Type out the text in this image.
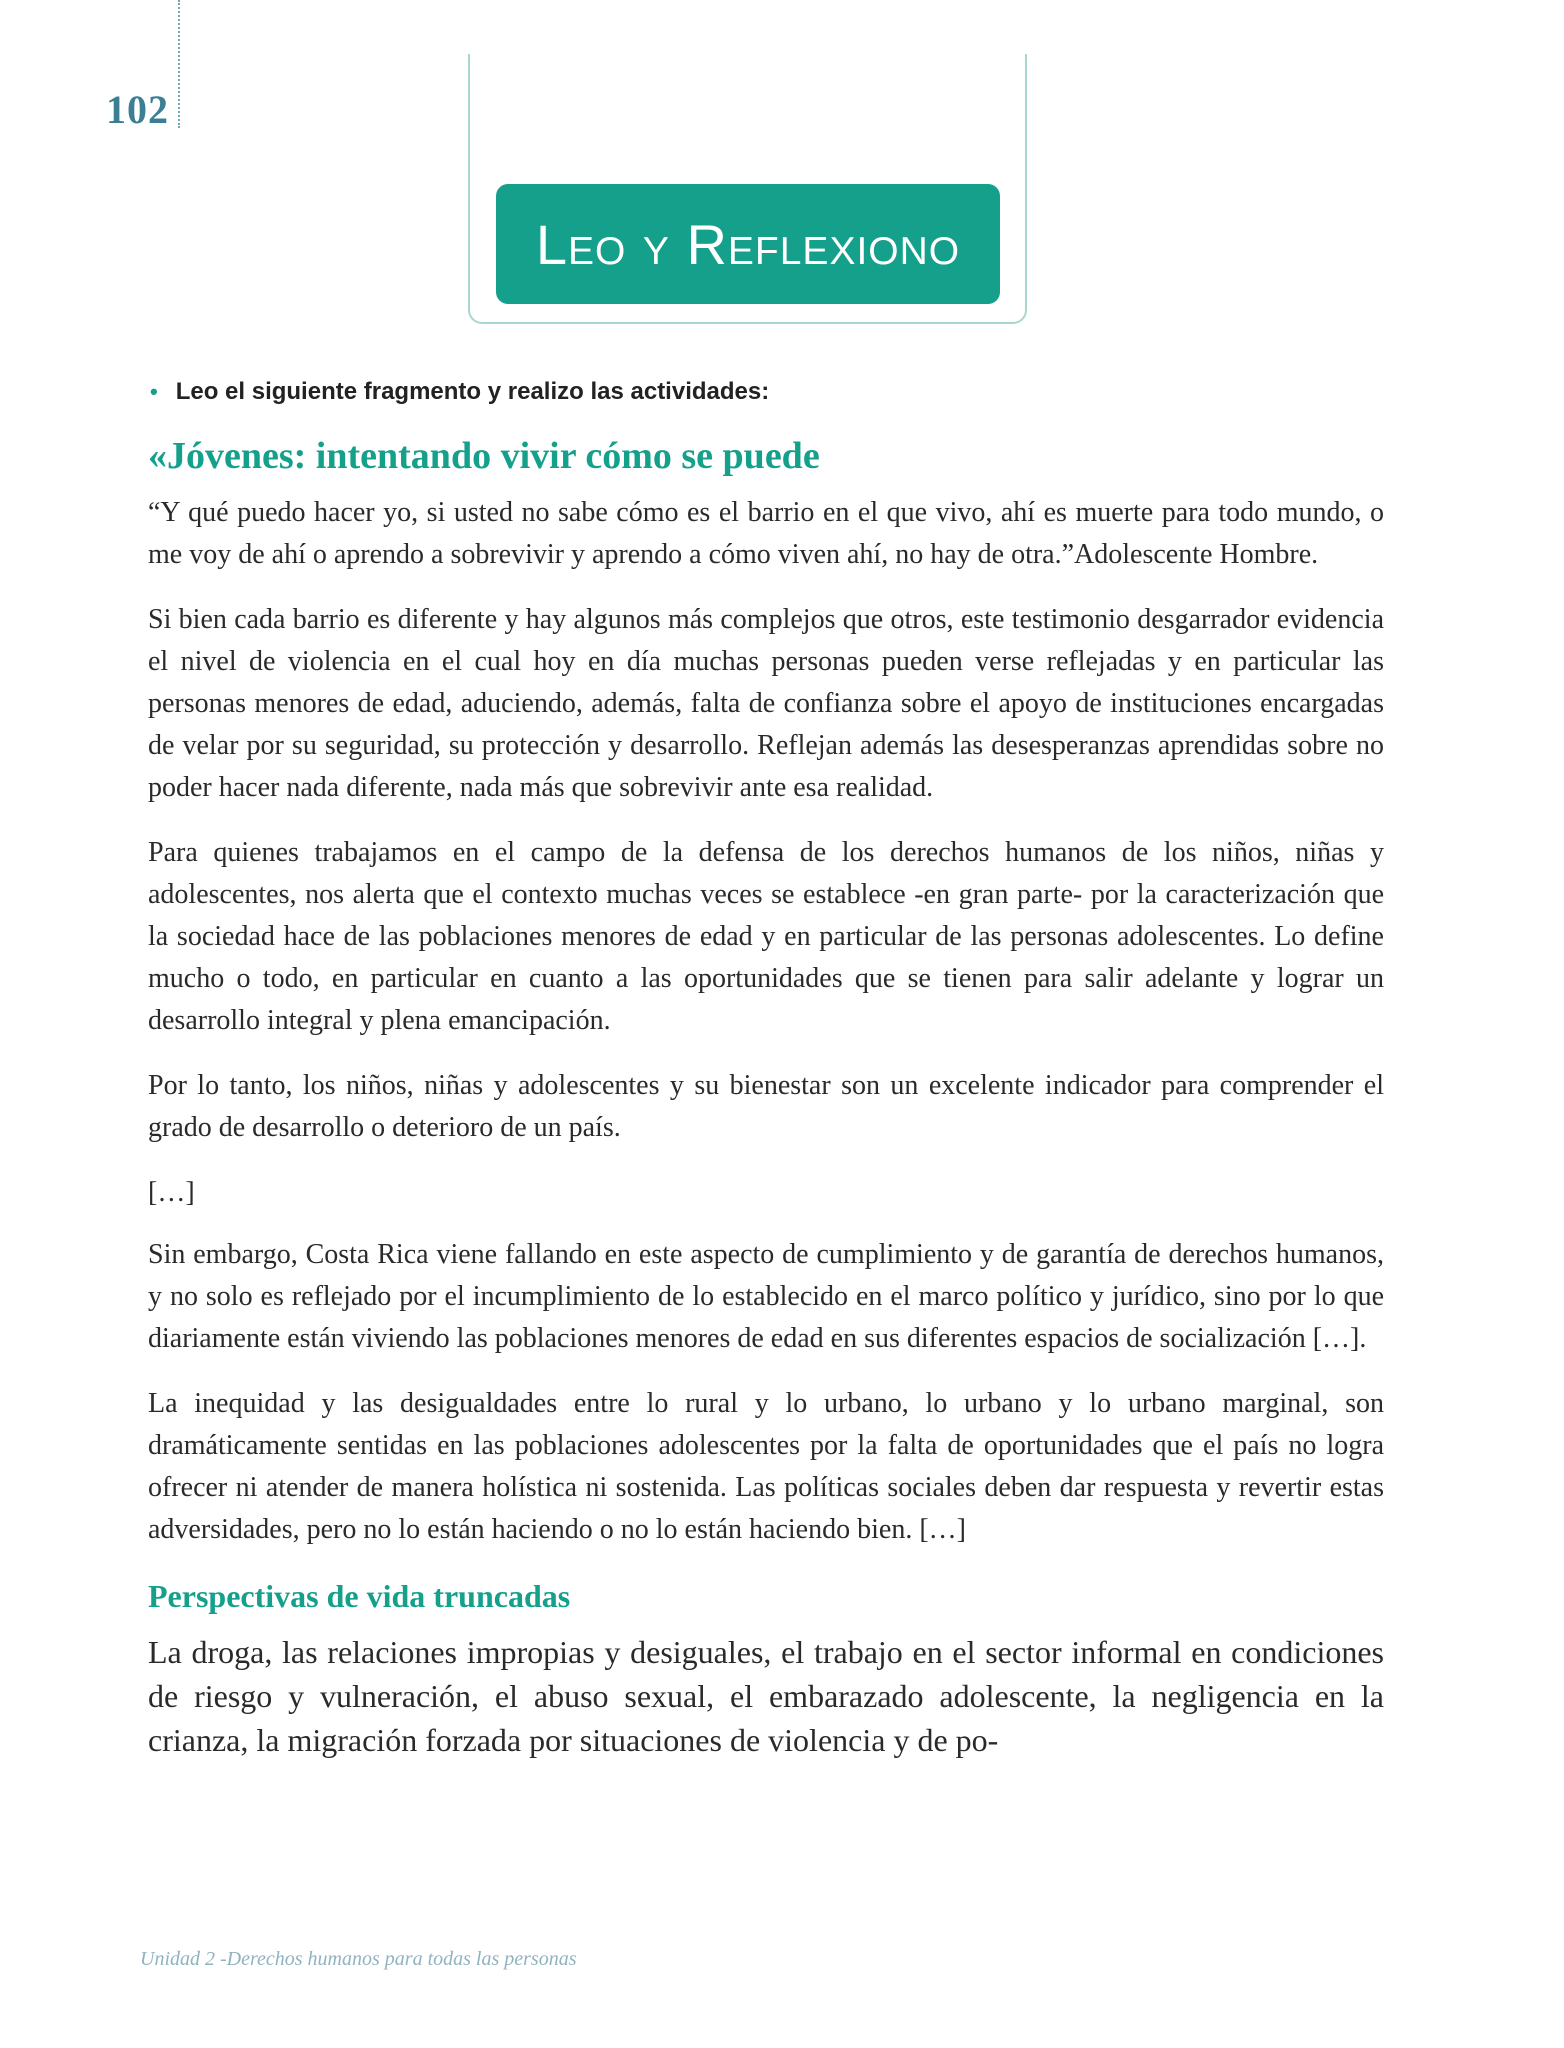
102
Leo y Reflexiono
• Leo el siguiente fragmento y realizo las actividades:
«Jóvenes: intentando vivir cómo se puede

“Y qué puedo hacer yo, si usted no sabe cómo es el barrio en el que vivo, ahí es muerte para todo mundo, o me voy de ahí o aprendo a sobrevivir y aprendo a cómo viven ahí, no hay de otra.”Adolescente Hombre.

Si bien cada barrio es diferente y hay algunos más complejos que otros, este testimonio desgarrador evidencia el nivel de violencia en el cual hoy en día muchas personas pueden verse reflejadas y en particular las personas menores de edad, aduciendo, además, falta de confianza sobre el apoyo de instituciones encargadas de velar por su seguridad, su protección y desarrollo. Reflejan además las desesperanzas aprendidas sobre no poder hacer nada diferente, nada más que sobrevivir ante esa realidad.

Para quienes trabajamos en el campo de la defensa de los derechos humanos de los niños, niñas y adolescentes, nos alerta que el contexto muchas veces se establece -en gran parte- por la caracterización que la sociedad hace de las poblaciones menores de edad y en particular de las personas adolescentes. Lo define mucho o todo, en particular en cuanto a las oportunidades que se tienen para salir adelante y lograr un desarrollo integral y plena emancipación.

Por lo tanto, los niños, niñas y adolescentes y su bienestar son un excelente indicador para comprender el grado de desarrollo o deterioro de un país.

[…]

Sin embargo, Costa Rica viene fallando en este aspecto de cumplimiento y de garantía de derechos humanos, y no solo es reflejado por el incumplimiento de lo establecido en el marco político y jurídico, sino por lo que diariamente están viviendo las poblaciones menores de edad en sus diferentes espacios de socialización […].

La inequidad y las desigualdades entre lo rural y lo urbano, lo urbano y lo urbano marginal, son dramáticamente sentidas en las poblaciones adolescentes por la falta de oportunidades que el país no logra ofrecer ni atender de manera holística ni sostenida. Las políticas sociales deben dar respuesta y revertir estas adversidades, pero no lo están haciendo o no lo están haciendo bien. […]

Perspectivas de vida truncadas

La droga, las relaciones impropias y desiguales, el trabajo en el sector informal en condiciones de riesgo y vulneración, el abuso sexual, el embarazado adolescente, la negligencia en la crianza, la migración forzada por situaciones de violencia y de po-

Unidad 2 -Derechos humanos para todas las personas
